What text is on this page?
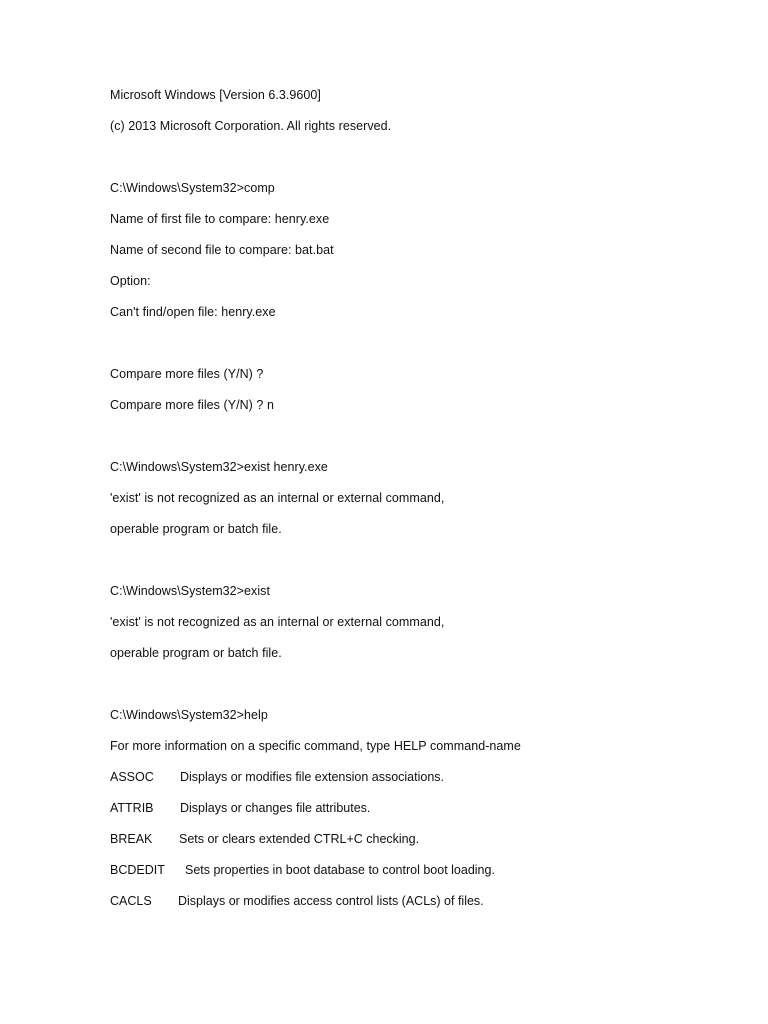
Microsoft Windows [Version 6.3.9600]
(c) 2013 Microsoft Corporation. All rights reserved.
C:\Windows\System32>comp
Name of first file to compare: henry.exe
Name of second file to compare: bat.bat
Option:
Can't find/open file: henry.exe
Compare more files (Y/N) ?
Compare more files (Y/N) ? n
C:\Windows\System32>exist henry.exe
'exist' is not recognized as an internal or external command,
operable program or batch file.
C:\Windows\System32>exist
'exist' is not recognized as an internal or external command,
operable program or batch file.
C:\Windows\System32>help
For more information on a specific command, type HELP command-name
ASSOC	Displays or modifies file extension associations.
ATTRIB	Displays or changes file attributes.
BREAK	Sets or clears extended CTRL+C checking.
BCDEDIT	Sets properties in boot database to control boot loading.
CACLS	Displays or modifies access control lists (ACLs) of files.
